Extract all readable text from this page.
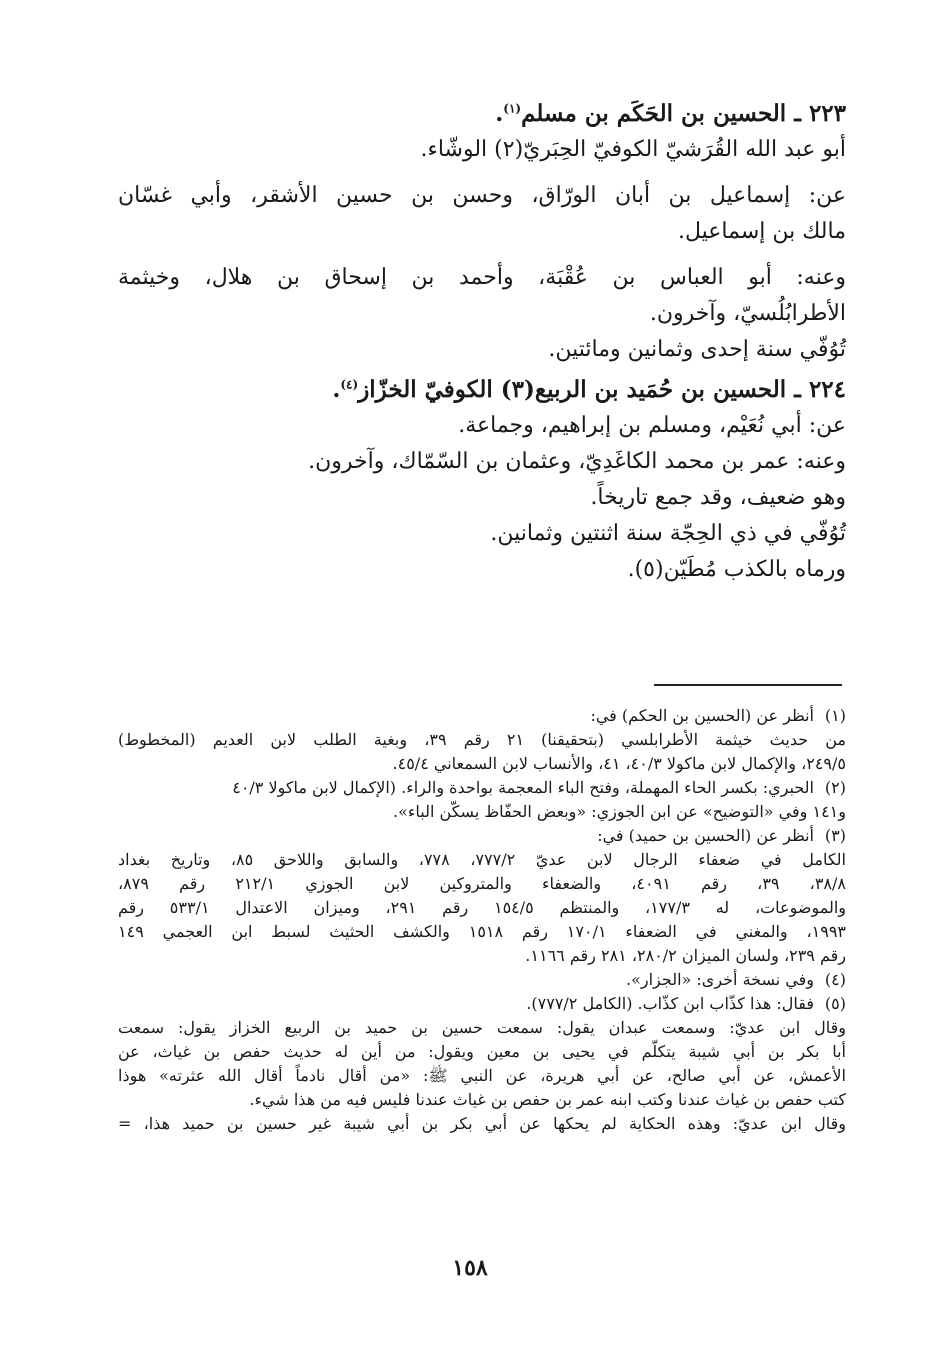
٢٢٣ ـ الحسين بن الحَكَم بن مسلم$^{(١)}$.
أبو عبد الله القُرَشيّ الكوفيّ الحِبَريّ(٢) الوشّاء.
عن: إسماعيل بن أبان الورّاق، وحسن بن حسين الأشقر، وأبي غسّان
مالك بن إسماعيل.
وعنه: أبو العباس بن عُقْبَة، وأحمد بن إسحاق بن هلال، وخيثمة
الأطرابُلُسيّ، وآخرون.
تُوُفّي سنة إحدى وثمانين ومائتين.
٢٢٤ ـ الحسين بن حُمَيد بن الربيع(٣) الكوفيّ الخزّاز$^{(٤)}$.
عن: أبي نُعَيْم، ومسلم بن إبراهيم، وجماعة.
وعنه: عمر بن محمد الكاغَدِيّ، وعثمان بن السّمّاك، وآخرون.
وهو ضعيف، وقد جمع تاريخاً.
تُوُفّي في ذي الحِجّة سنة اثنتين وثمانين.
ورماه بالكذب مُطَيّن(٥).
(١)
أنظر عن (الحسين بن الحكم) في:
من حديث خيثمة الأطرابلسي (بتحقيقنا) ٢١ رقم ٣٩، وبغية الطلب لابن العديم (المخطوط)
٢٤٩/٥، والإكمال لابن ماكولا ٤٠/٣، ٤١، والأنساب لابن السمعاني ٤٥/٤.
(٢)
الحبري: بكسر الحاء المهملة، وفتح الباء المعجمة بواحدة والراء. (الإكمال لابن ماكولا ٤٠/٣
و١٤١ وفي «التوضيح» عن ابن الجوزي: «وبعض الحفّاظ يسكّن الباء».
(٣)
أنظر عن (الحسين بن حميد) في:
الكامل في ضعفاء الرجال لابن عديّ ٧٧٧/٢، ٧٧٨، والسابق واللاحق ٨٥، وتاريخ بغداد
٣٨/٨، ٣٩، رقم ٤٠٩١، والضعفاء والمتروكين لابن الجوزي ٢١٢/١ رقم ٨٧٩،
والموضوعات، له ١٧٧/٣، والمنتظم ١٥٤/٥ رقم ٢٩١، وميزان الاعتدال ٥٣٣/١ رقم
١٩٩٣، والمغني في الضعفاء ١٧٠/١ رقم ١٥١٨ والكشف الحثيث لسبط ابن العجمي ١٤٩
رقم ٢٣٩، ولسان الميزان ٢٨٠/٢، ٢٨١ رقم ١١٦٦.
(٤)
وفي نسخة أخرى: «الجزار».
(٥)
فقال: هذا كذّاب ابن كذّاب. (الكامل ٧٧٧/٢).
وقال ابن عديّ: وسمعت عبدان يقول: سمعت حسين بن حميد بن الربيع الخزاز يقول: سمعت
أبا بكر بن أبي شيبة يتكلّم في يحيى بن معين ويقول: من أين له حديث حفص بن غياث، عن
الأعمش، عن أبي صالح، عن أبي هريرة، عن النبي ﷺ: «من أقال نادماً أقال الله عثرته» هوذا
كتب حفص بن غياث عندنا وكتب ابنه عمر بن حفص بن غياث عندنا فليس فيه من هذا شيء.
وقال ابن عديّ: وهذه الحكاية لم يحكها عن أبي بكر بن أبي شيبة غير حسين بن حميد هذا، =
١٥٨
